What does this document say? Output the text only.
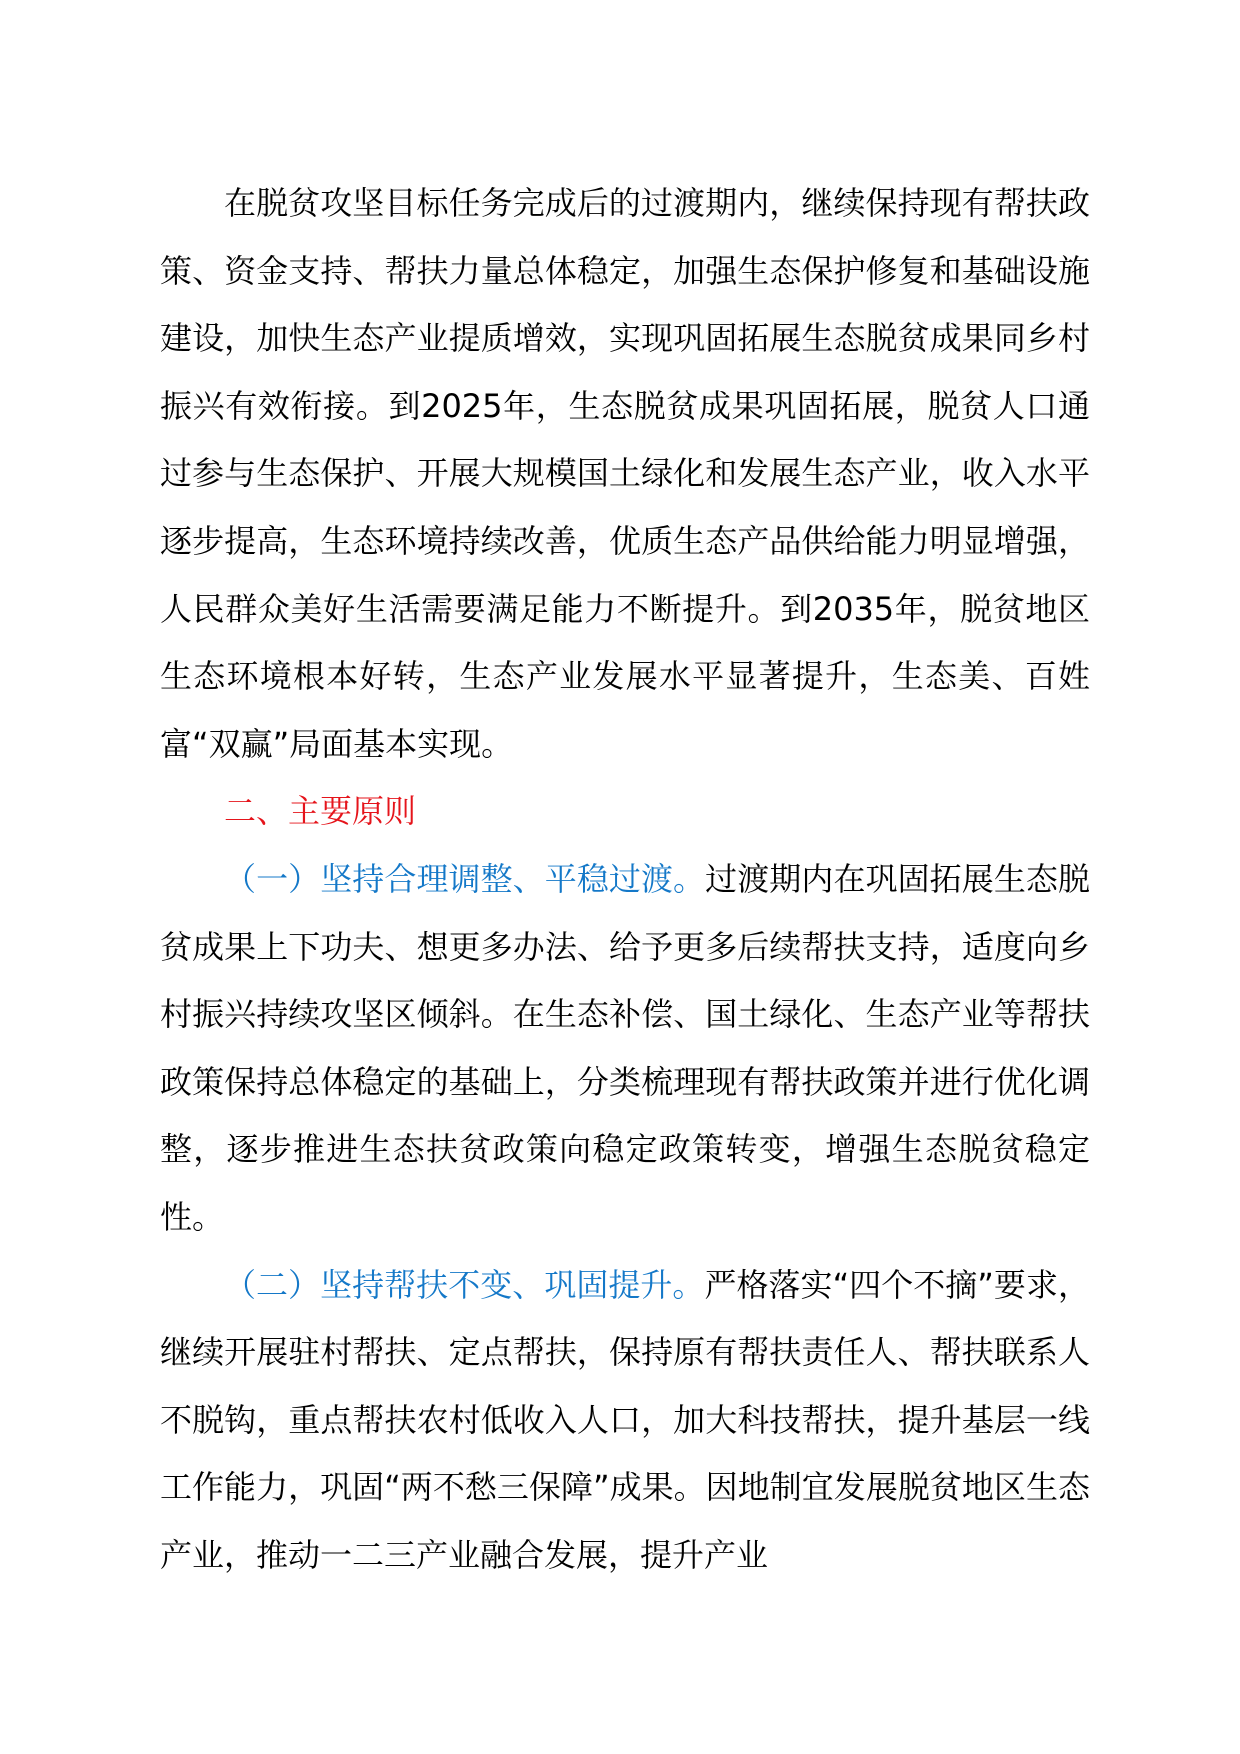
在脱贫攻坚目标任务完成后的过渡期内，继续保持现有帮扶政策、资金支持、帮扶力量总体稳定，加强生态保护修复和基础设施建设，加快生态产业提质增效，实现巩固拓展生态脱贫成果同乡村振兴有效衔接。到2025年，生态脱贫成果巩固拓展，脱贫人口通过参与生态保护、开展大规模国土绿化和发展生态产业，收入水平逐步提高，生态环境持续改善，优质生态产品供给能力明显增强，人民群众美好生活需要满足能力不断提升。到2035年，脱贫地区生态环境根本好转，生态产业发展水平显著提升，生态美、百姓富“双赢”局面基本实现。

二、主要原则

（一）坚持合理调整、平稳过渡。过渡期内在巩固拓展生态脱贫成果上下功夫、想更多办法、给予更多后续帮扶支持，适度向乡村振兴持续攻坚区倾斜。在生态补偿、国土绿化、生态产业等帮扶政策保持总体稳定的基础上，分类梳理现有帮扶政策并进行优化调整，逐步推进生态扶贫政策向稳定政策转变，增强生态脱贫稳定性。

（二）坚持帮扶不变、巩固提升。严格落实“四个不摘”要求，继续开展驻村帮扶、定点帮扶，保持原有帮扶责任人、帮扶联系人不脱钩，重点帮扶农村低收入人口，加大科技帮扶，提升基层一线工作能力，巩固“两不愁三保障”成果。因地制宜发展脱贫地区生态产业，推动一二三产业融合发展，提升产业
